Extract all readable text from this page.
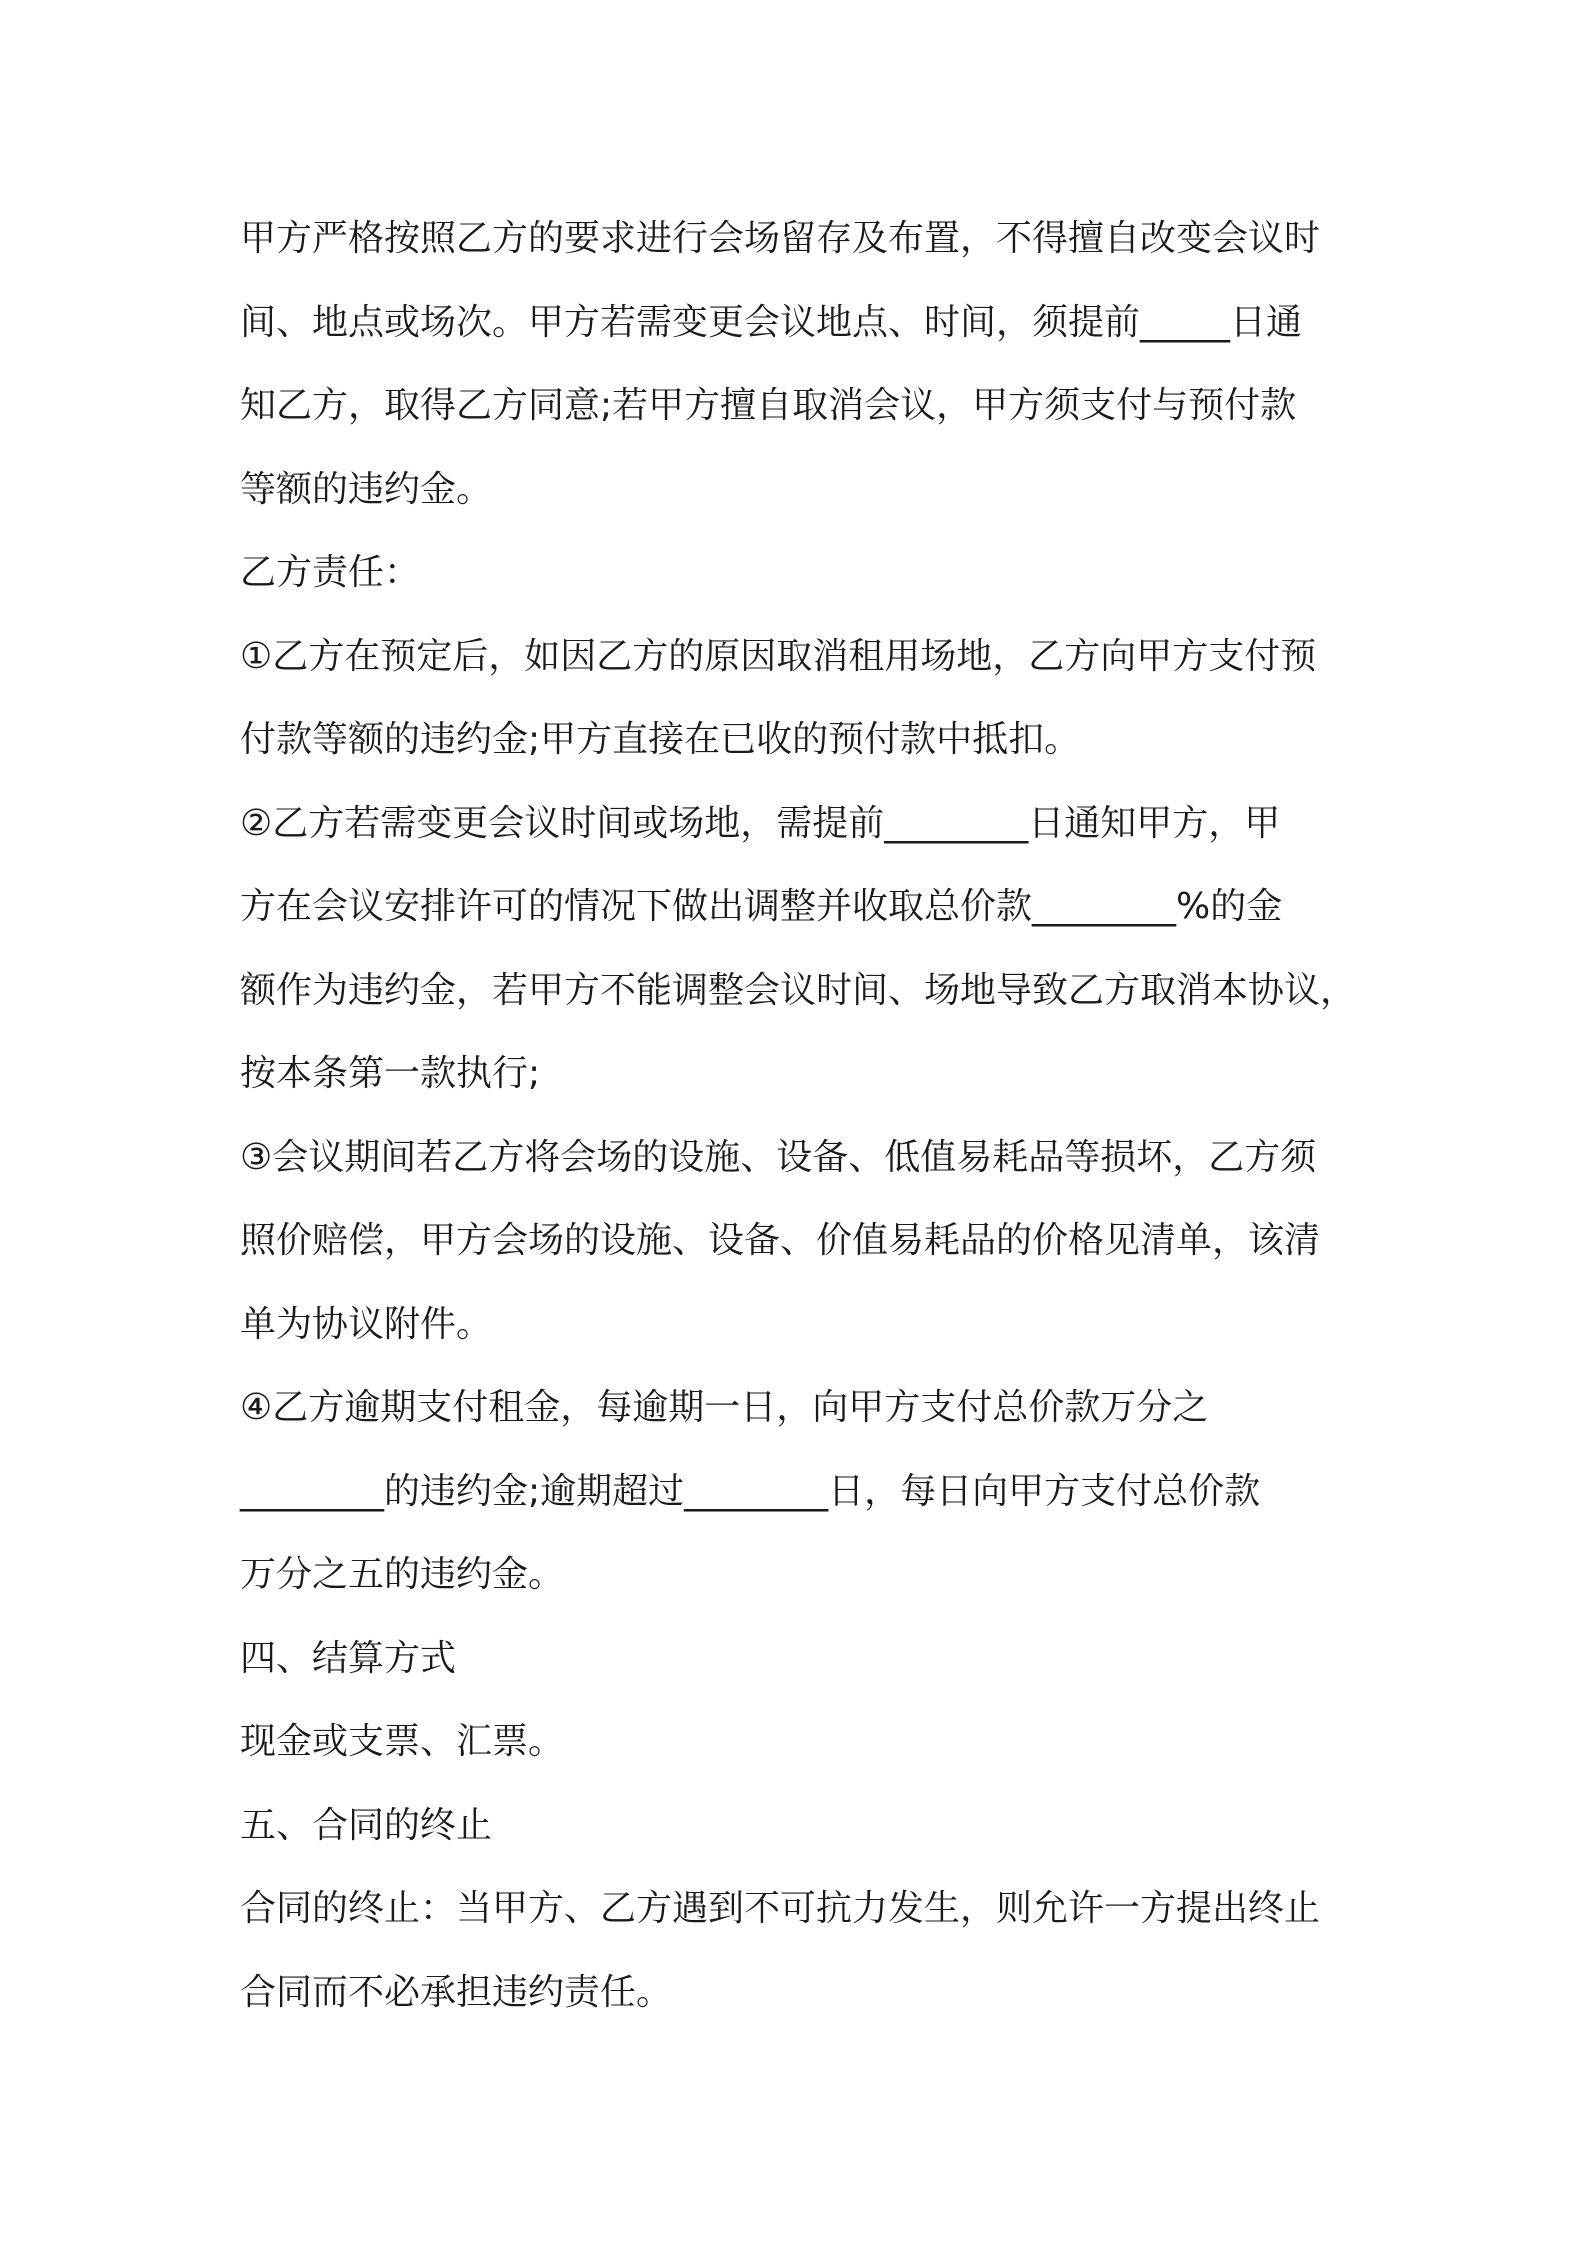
甲方严格按照乙方的要求进行会场留存及布置，不得擅自改变会议时

间、地点或场次。甲方若需变更会议地点、时间，须提前_____日通

知乙方，取得乙方同意;若甲方擅自取消会议，甲方须支付与预付款

等额的违约金。

乙方责任：

①乙方在预定后，如因乙方的原因取消租用场地，乙方向甲方支付预

付款等额的违约金;甲方直接在已收的预付款中抵扣。

②乙方若需变更会议时间或场地，需提前________日通知甲方，甲

方在会议安排许可的情况下做出调整并收取总价款________%的金

额作为违约金，若甲方不能调整会议时间、场地导致乙方取消本协议，

按本条第一款执行;

③会议期间若乙方将会场的设施、设备、低值易耗品等损坏，乙方须

照价赔偿，甲方会场的设施、设备、价值易耗品的价格见清单，该清

单为协议附件。

④乙方逾期支付租金，每逾期一日，向甲方支付总价款万分之

________的违约金;逾期超过________日，每日向甲方支付总价款

万分之五的违约金。

四、结算方式

现金或支票、汇票。

五、合同的终止

合同的终止：当甲方、乙方遇到不可抗力发生，则允许一方提出终止

合同而不必承担违约责任。
